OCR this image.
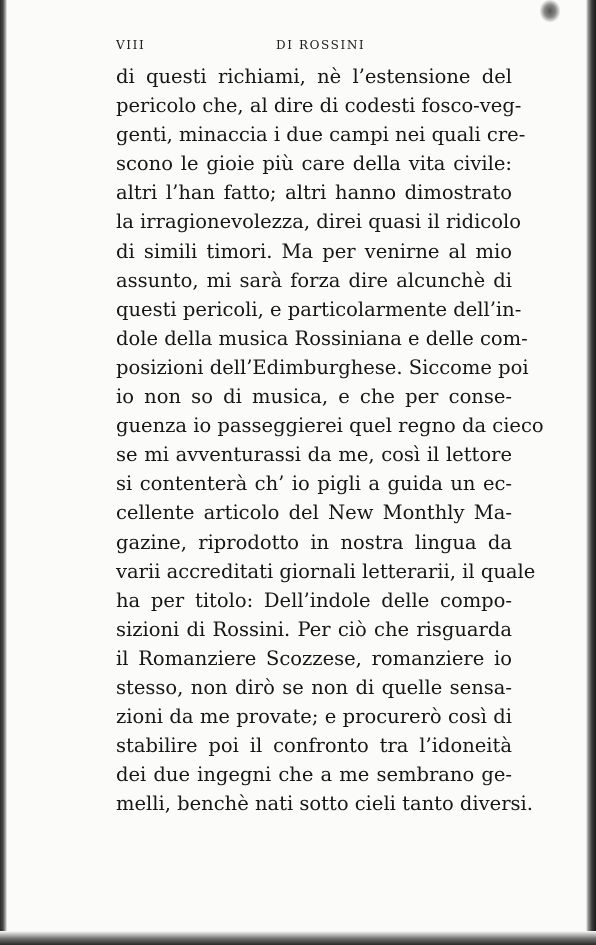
VIII	DI ROSSINI
di questi richiami, nè l’estensione del
pericolo che, al dire di codesti fosco-veg-
genti, minaccia i due campi nei quali cre-
scono le gioie più care della vita civile:
altri l’han fatto; altri hanno dimostrato
la irragionevolezza, direi quasi il ridicolo
di simili timori. Ma per venirne al mio
assunto, mi sarà forza dire alcunchè di
questi pericoli, e particolarmente dell’in-
dole della musica Rossiniana e delle com-
posizioni dell’Edimburghese. Siccome poi
io non so di musica, e che per conse-
guenza io passeggierei quel regno da cieco
se mi avventurassi da me, così il lettore
si contenterà ch’ io pigli a guida un ec-
cellente articolo del New Monthly Ma-
gazine, riprodotto in nostra lingua da
varii accreditati giornali letterarii, il quale
ha per titolo: Dell’indole delle compo-
sizioni di Rossini. Per ciò che risguarda
il Romanziere Scozzese, romanziere io
stesso, non dirò se non di quelle sensa-
zioni da me provate; e procurerò così di
stabilire poi il confronto tra l’idoneità
dei due ingegni che a me sembrano ge-
melli, benchè nati sotto cieli tanto diversi.
